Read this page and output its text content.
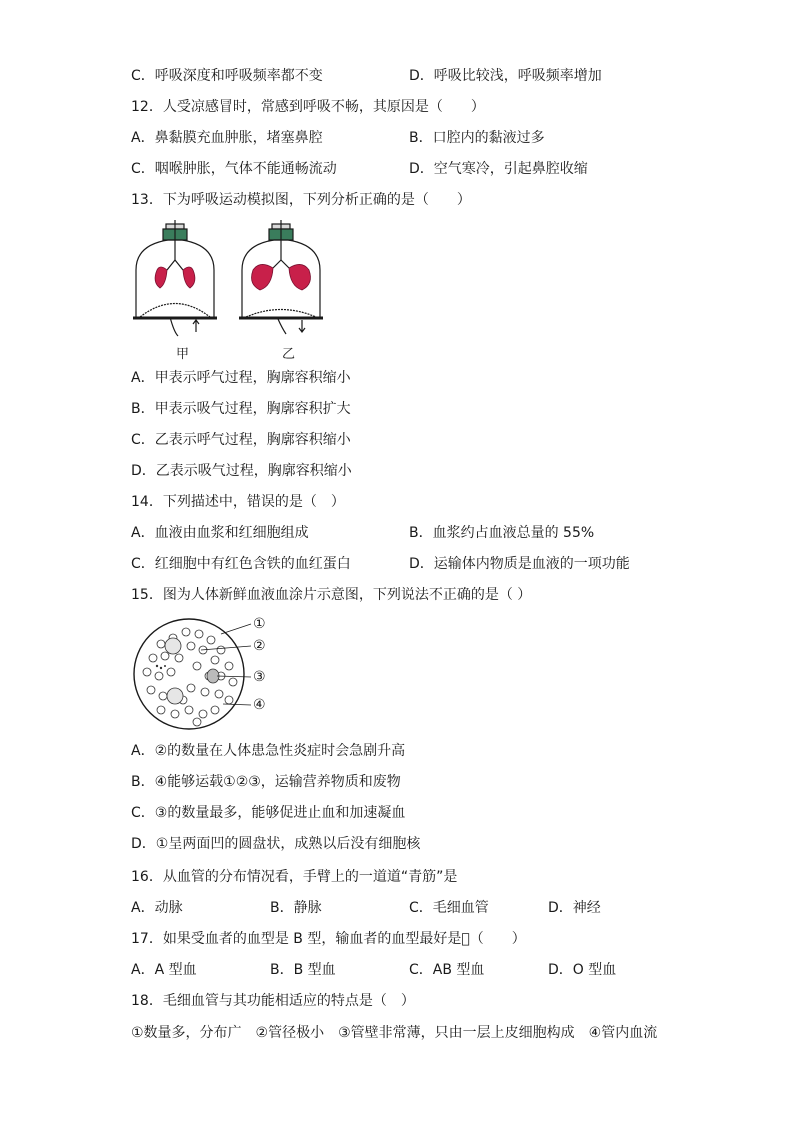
C．呼吸深度和呼吸频率都不变	D．呼吸比较浅，呼吸频率增加
12．人受凉感冒时，常感到呼吸不畅，其原因是（　　）
A．鼻黏膜充血肿胀，堵塞鼻腔	B．口腔内的黏液过多
C．咽喉肿胀，气体不能通畅流动	D．空气寒冷，引起鼻腔收缩
13．下为呼吸运动模拟图，下列分析正确的是（　　）
甲	乙
A．甲表示呼气过程，胸廓容积缩小
B．甲表示吸气过程，胸廓容积扩大
C．乙表示呼气过程，胸廓容积缩小
D．乙表示吸气过程，胸廓容积缩小
14．下列描述中，错误的是（　）
A．血液由血浆和红细胞组成	B．血浆约占血液总量的 55%
C．红细胞中有红色含铁的血红蛋白	D．运输体内物质是血液的一项功能
15．图为人体新鲜血液血涂片示意图，下列说法不正确的是（ ）
①
②
③
④
A．②的数量在人体患急性炎症时会急剧升高
B．④能够运载①②③，运输营养物质和废物
C．③的数量最多，能够促进止血和加速凝血
D．①呈两面凹的圆盘状，成熟以后没有细胞核
16．从血管的分布情况看，手臂上的一道道“青筋”是
A．动脉	B．静脉	C．毛细血管	D．神经
17．如果受血者的血型是 B 型，输血者的血型最好是 （　　）
A．A 型血	B．B 型血	C．AB 型血	D．O 型血
18．毛细血管与其功能相适应的特点是（　）
①数量多，分布广　②管径极小　③管壁非常薄，只由一层上皮细胞构成　④管内血流
